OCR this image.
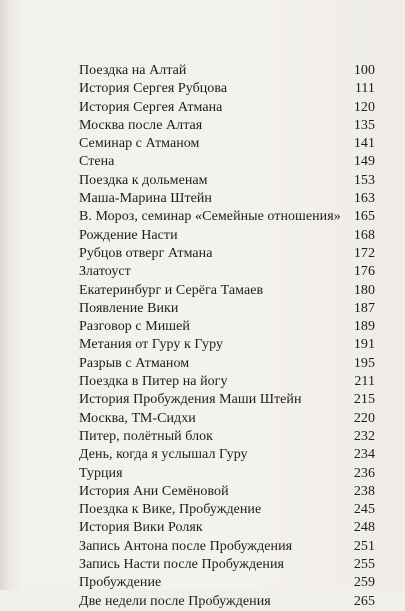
Поездка на Алтай	100
История Сергея Рубцова	111
История Сергея Атмана	120
Москва после Алтая	135
Семинар с Атманом	141
Стена	149
Поездка к дольменам	153
Маша-Марина Штейн	163
В. Мороз, семинар «Семейные отношения» 165
Рождение Насти	168
Рубцов отверг Атмана	172
Златоуст	176
Екатеринбург и Серёга Тамаев	180
Появление Вики	187
Разговор с Мишей	189
Метания от Гуру к Гуру	191
Разрыв с Атманом	195
Поездка в Питер на йогу	211
История Пробуждения Маши Штейн	215
Москва, ТМ-Сидхи	220
Питер, полётный блок	232
День, когда я услышал Гуру	234
Турция	236
История Ани Семёновой	238
Поездка к Вике, Пробуждение	245
История Вики Роляк	248
Запись Антона после Пробуждения	251
Запись Насти после Пробуждения	255
Пробуждение	259
Две недели после Пробуждения	265
